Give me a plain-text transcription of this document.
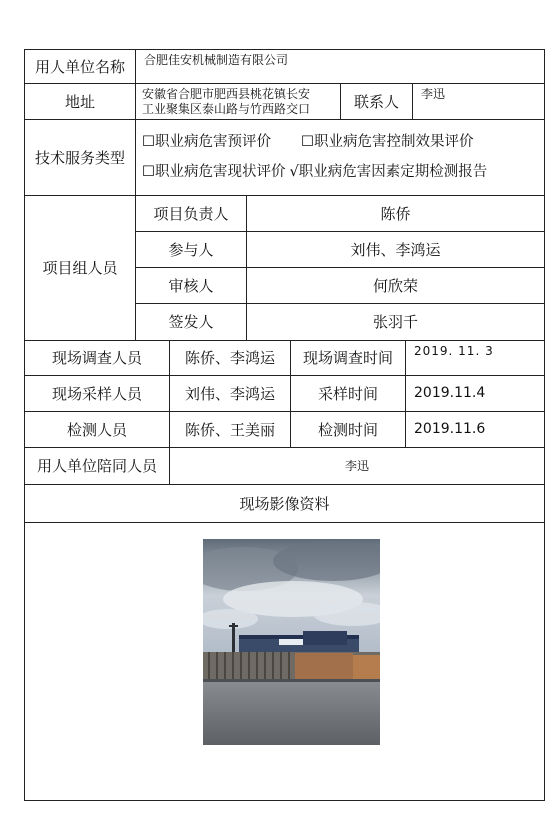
用人单位名称	合肥佳安机械制造有限公司
地址	安徽省合肥市肥西县桃花镇长安
工业聚集区泰山路与竹西路交口	联系人	李迅
技术服务类型
☐职业病危害预评价 ☐职业病危害控制效果评价
☐职业病危害现状评价 √职业病危害因素定期检测报告
项目组人员
项目负责人	陈侨
参与人	刘伟、李鸿运
审核人	何欣荣
签发人	张羽千
现场调查人员	陈侨、李鸿运	现场调查时间	2019. 11. 3
现场采样人员	刘伟、李鸿运	采样时间	2019.11.4
检测人员	陈侨、王美丽	检测时间	2019.11.6
用人单位陪同人员	李迅
现场影像资料
